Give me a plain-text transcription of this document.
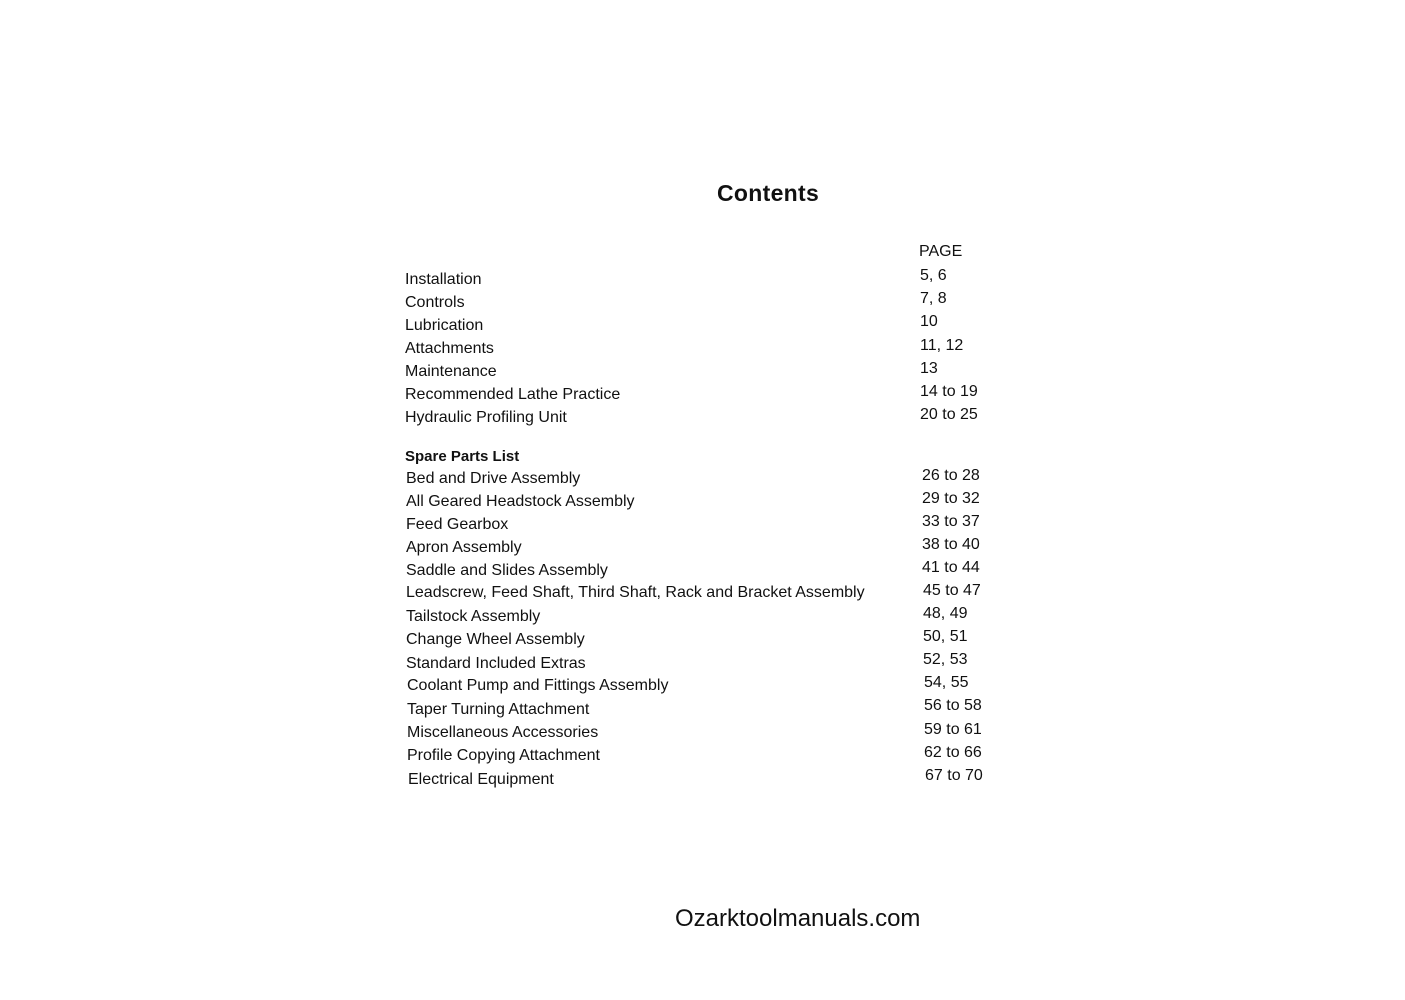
Contents
PAGE
Installation	5, 6
Controls	7, 8
Lubrication	10
Attachments	11, 12
Maintenance	13
Recommended Lathe Practice	14 to 19
Hydraulic Profiling Unit	20 to 25
Spare Parts List
Bed and Drive Assembly	26 to 28
All Geared Headstock Assembly	29 to 32
Feed Gearbox	33 to 37
Apron Assembly	38 to 40
Saddle and Slides Assembly	41 to 44
Leadscrew, Feed Shaft, Third Shaft, Rack and Bracket Assembly	45 to 47
Tailstock Assembly	48, 49
Change Wheel Assembly	50, 51
Standard Included Extras	52, 53
Coolant Pump and Fittings Assembly	54, 55
Taper Turning Attachment	56 to 58
Miscellaneous Accessories	59 to 61
Profile Copying Attachment	62 to 66
Electrical Equipment	67 to 70
Ozarktoolmanuals.com
